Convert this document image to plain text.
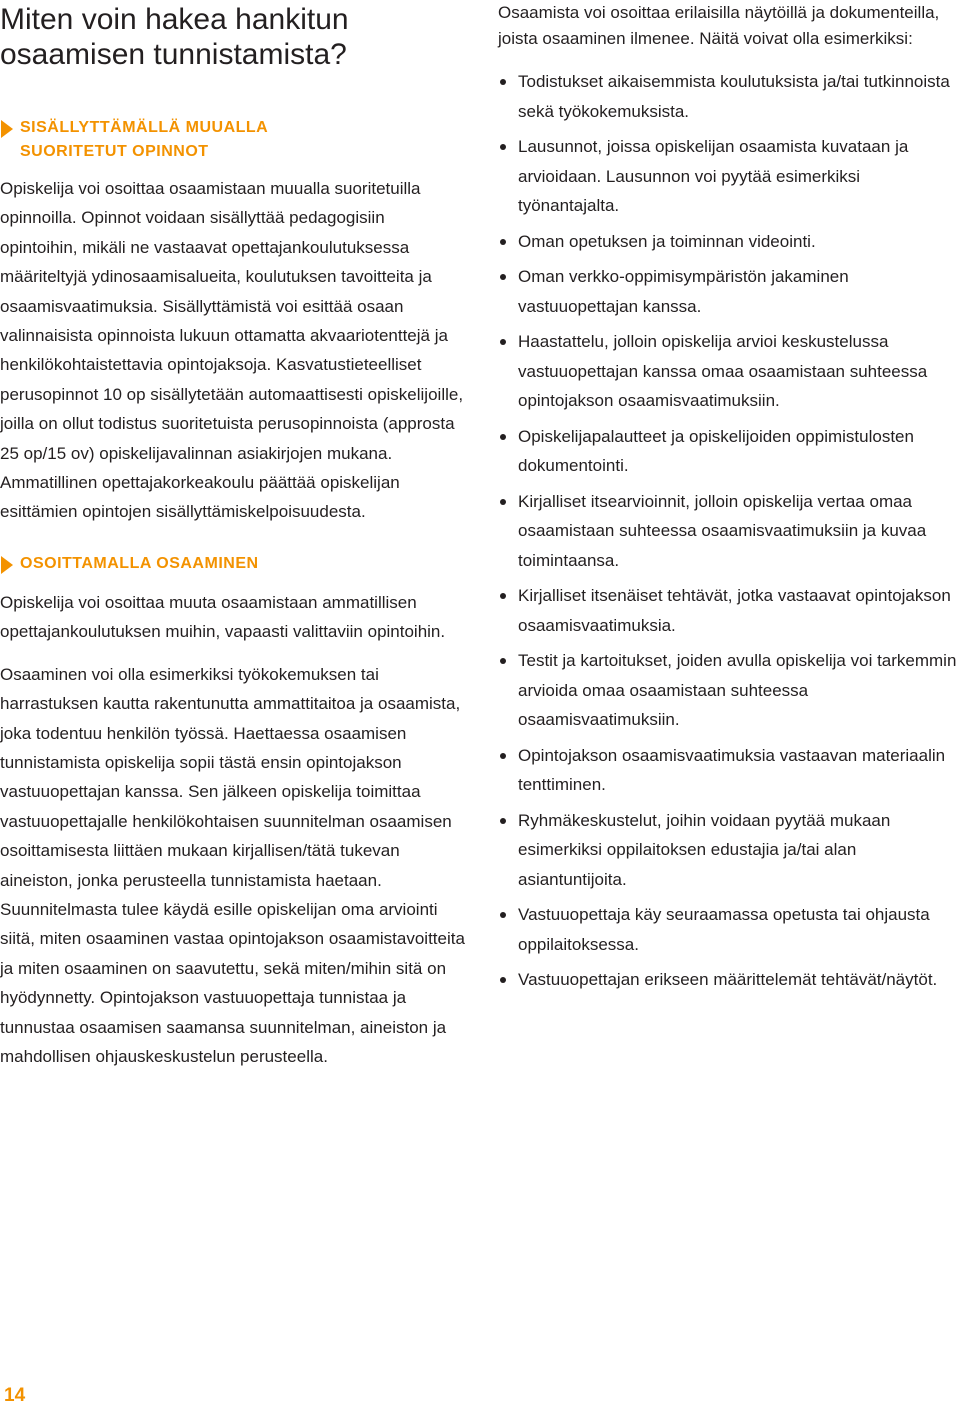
Miten voin hakea hankitun
osaamisen tunnistamista?
SISÄLLYTTÄMÄLLÄ MUUALLA
SUORITETUT OPINNOT

Opiskelija voi osoittaa osaamistaan muualla suoritetuilla opinnoilla. Opinnot voidaan sisällyttää pedagogisiin opintoihin, mikäli ne vastaavat opettajankoulutuksessa määriteltyjä ydinosaamisalueita, koulutuksen tavoitteita ja osaamisvaatimuksia. Sisällyttämistä voi esittää osaan valinnaisista opinnoista lukuun ottamatta akvaariotenttejä ja henkilökohtaistettavia opintojaksoja. Kasvatustieteelliset perusopinnot 10 op sisällytetään automaattisesti opiskelijoille, joilla on ollut todistus suoritetuista perusopinnoista (approsta 25 op/15 ov) opiskelijavalinnan asiakirjojen mukana. Ammatillinen opettajakorkeakoulu päättää opiskelijan esittämien opintojen sisällyttämiskelpoisuudesta.

OSOITTAMALLA OSAAMINEN

Opiskelija voi osoittaa muuta osaamistaan ammatillisen opettajankoulutuksen muihin, vapaasti valittaviin opintoihin.

Osaaminen voi olla esimerkiksi työkokemuksen tai harrastuksen kautta rakentunutta ammattitaitoa ja osaamista, joka todentuu henkilön työssä. Haettaessa osaamisen tunnistamista opiskelija sopii tästä ensin opintojakson vastuuopettajan kanssa. Sen jälkeen opiskelija toimittaa vastuuopettajalle henkilökohtaisen suunnitelman osaamisen osoittamisesta liittäen mukaan kirjallisen/tätä tukevan aineiston, jonka perusteella tunnistamista haetaan. Suunnitelmasta tulee käydä esille opiskelijan oma arviointi siitä, miten osaaminen vastaa opintojakson osaamistavoitteita ja miten osaaminen on saavutettu, sekä miten/mihin sitä on hyödynnetty. Opintojakson vastuuopettaja tunnistaa ja tunnustaa osaamisen saamansa suunnitelman, aineiston ja mahdollisen ohjauskeskustelun perusteella.

Osaamista voi osoittaa erilaisilla näytöillä ja dokumenteilla, joista osaaminen ilmenee. Näitä voivat olla esimerkiksi:

Todistukset aikaisemmista koulutuksista ja/tai tutkinnoista sekä työkokemuksista.
Lausunnot, joissa opiskelijan osaamista kuvataan ja arvioidaan. Lausunnon voi pyytää esimerkiksi työnantajalta.
Oman opetuksen ja toiminnan videointi.
Oman verkko-oppimisympäristön jakaminen vastuuopettajan kanssa.
Haastattelu, jolloin opiskelija arvioi keskustelussa vastuuopettajan kanssa omaa osaamistaan suhteessa opintojakson osaamisvaatimuksiin.
Opiskelijapalautteet ja opiskelijoiden oppimistulosten dokumentointi.
Kirjalliset itsearvioinnit, jolloin opiskelija vertaa omaa osaamistaan suhteessa osaamisvaatimuksiin ja kuvaa toimintaansa.
Kirjalliset itsenäiset tehtävät, jotka vastaavat opintojakson osaamisvaatimuksia.
Testit ja kartoitukset, joiden avulla opiskelija voi tarkemmin arvioida omaa osaamistaan suhteessa osaamisvaatimuksiin.
Opintojakson osaamisvaatimuksia vastaavan materiaalin tenttiminen.
Ryhmäkeskustelut, joihin voidaan pyytää mukaan esimerkiksi oppilaitoksen edustajia ja/tai alan asiantuntijoita.
Vastuuopettaja käy seuraamassa opetusta tai ohjausta oppilaitoksessa.
Vastuuopettajan erikseen määrittelemät tehtävät/näytöt.
14
